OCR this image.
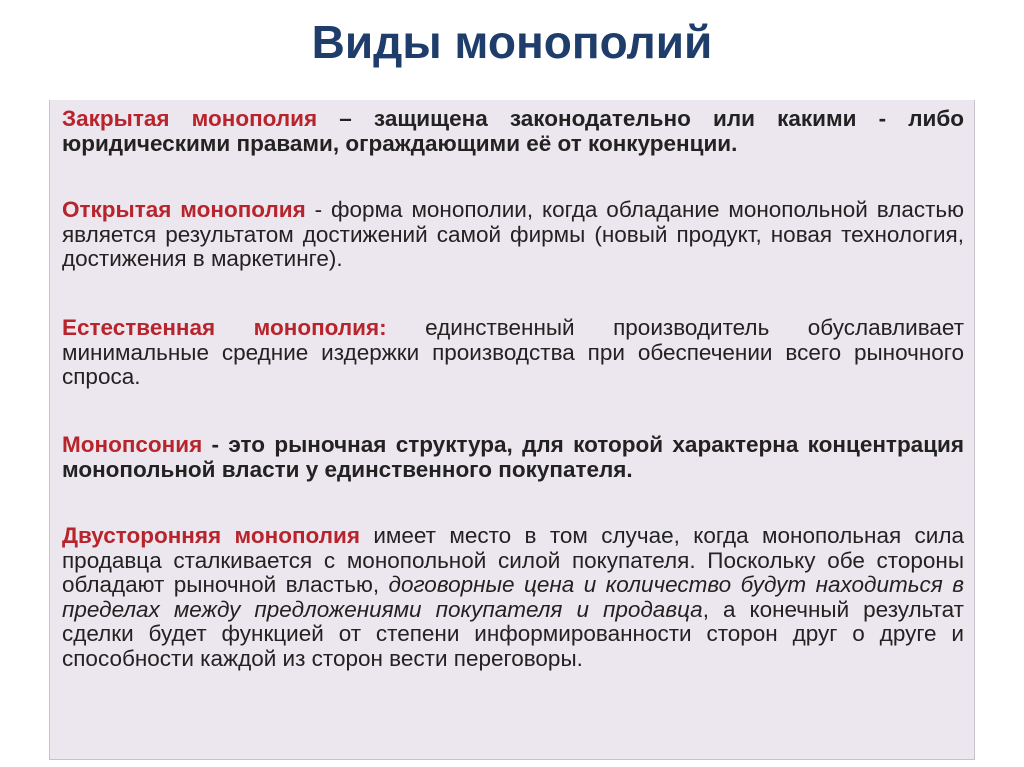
Виды монополий

Закрытая монополия – защищена законодательно или какими - либо юридическими правами, ограждающими её от конкуренции.

Открытая монополия - форма монополии, когда обладание монопольной властью является результатом достижений самой фирмы (новый продукт, новая технология, достижения в маркетинге).

Естественная монополия: единственный производитель обуславливает минимальные средние издержки производства при обеспечении всего рыночного спроса.

Монопсония - это рыночная структура, для которой характерна концентрация монопольной власти у единственного покупателя.

Двусторонняя монополия имеет место в том случае, когда монопольная сила продавца сталкивается с монопольной силой покупателя. Поскольку обе стороны обладают рыночной властью, договорные цена и количество будут находиться в пределах между предложениями покупателя и продавца, а конечный результат сделки будет функцией от степени информированности сторон друг о друге и способности каждой из сторон вести переговоры.
